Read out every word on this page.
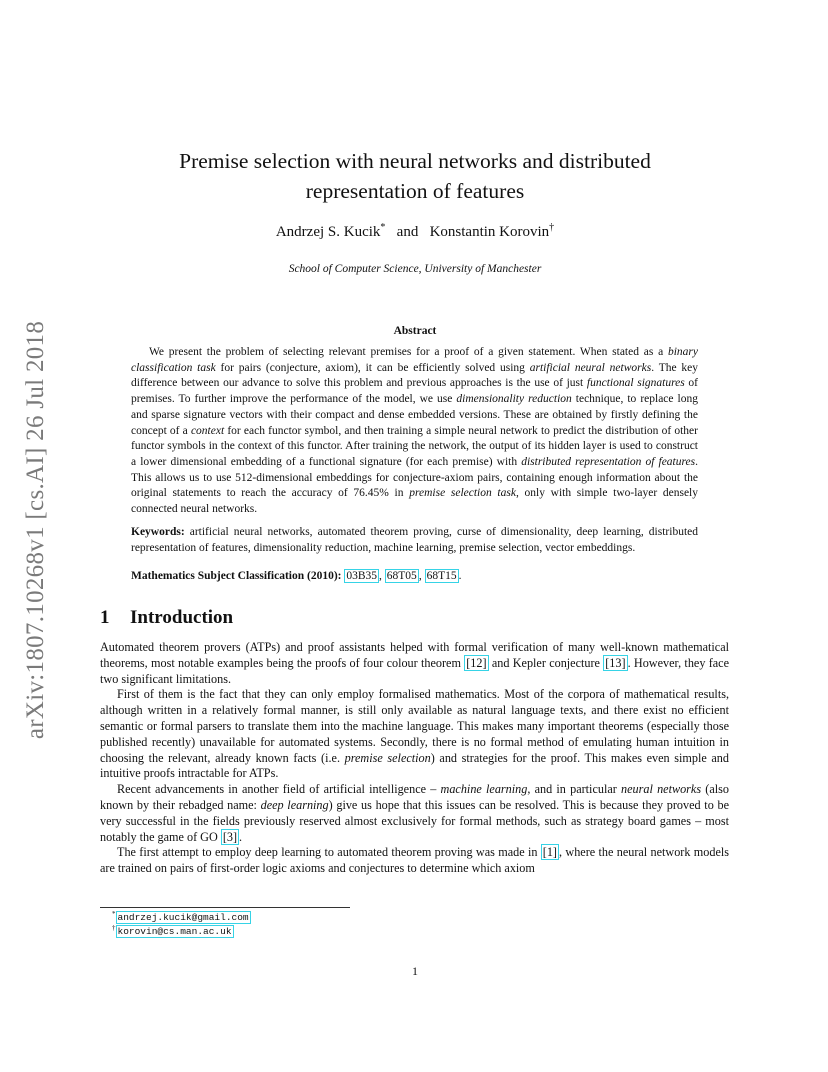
arXiv:1807.10268v1 [cs.AI] 26 Jul 2018
Premise selection with neural networks and distributed
representation of features
Andrzej S. Kucik* and Konstantin Korovin†
School of Computer Science, University of Manchester
Abstract

We present the problem of selecting relevant premises for a proof of a given statement. When stated as a binary classification task for pairs (conjecture, axiom), it can be efficiently solved using artificial neural networks. The key difference between our advance to solve this problem and previous approaches is the use of just functional signatures of premises. To further improve the performance of the model, we use dimensionality reduction technique, to replace long and sparse signature vectors with their compact and dense embedded versions. These are obtained by firstly defining the concept of a context for each functor symbol, and then training a simple neural network to predict the distribution of other functor symbols in the context of this functor. After training the network, the output of its hidden layer is used to construct a lower dimensional embedding of a functional signature (for each premise) with distributed representation of features. This allows us to use 512-dimensional embeddings for conjecture-axiom pairs, containing enough information about the original statements to reach the accuracy of 76.45% in premise selection task, only with simple two-layer densely connected neural networks.

Keywords: artificial neural networks, automated theorem proving, curse of dimensionality, deep learning, distributed representation of features, dimensionality reduction, machine learning, premise selection, vector embeddings.
Mathematics Subject Classification (2010): 03B35 , 68T05 , 68T15 .
1 Introduction

Automated theorem provers (ATPs) and proof assistants helped with formal verification of many well-known mathematical theorems, most notable examples being the proofs of four colour theorem [12] and Kepler conjecture [13] . However, they face two significant limitations.

First of them is the fact that they can only employ formalised mathematics. Most of the corpora of mathematical results, although written in a relatively formal manner, is still only available as natural language texts, and there exist no efficient semantic or formal parsers to translate them into the machine language. This makes many important theorems (especially those published recently) unavailable for automated systems. Secondly, there is no formal method of emulating human intuition in choosing the relevant, already known facts (i.e. premise selection) and strategies for the proof. This makes even simple and intuitive proofs intractable for ATPs.

Recent advancements in another field of artificial intelligence – machine learning, and in particular neural networks (also known by their rebadged name: deep learning) give us hope that this issues can be resolved. This is because they proved to be very successful in the fields previously reserved almost exclusively for formal methods, such as strategy board games – most notably the game of GO [3] .

The first attempt to employ deep learning to automated theorem proving was made in [1] , where the neural network models are trained on pairs of first-order logic axioms and conjectures to determine which axiom

* andrzej.kucik@gmail.com
† korovin@cs.man.ac.uk
1
